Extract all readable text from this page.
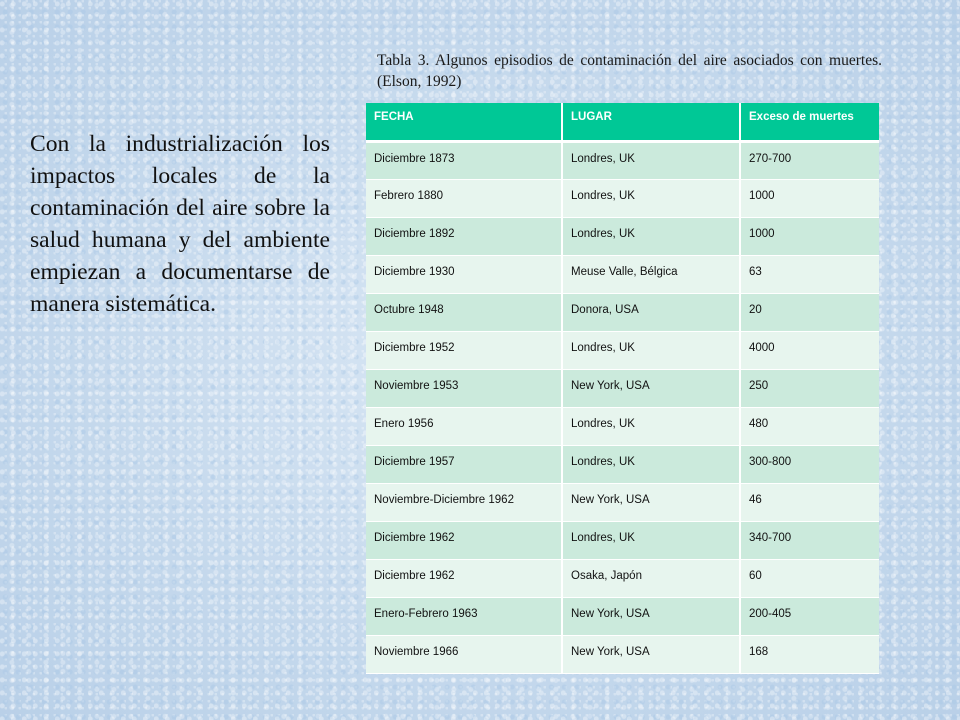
Tabla 3. Algunos episodios de contaminación del aire asociados con muertes. (Elson, 1992)
Con la industrialización los impactos locales de la contaminación del aire sobre la salud humana y del ambiente empiezan a documentarse de manera sistemática.
FECHA	LUGAR	Exceso de muertes
Diciembre 1873	Londres, UK	270-700
Febrero 1880	Londres, UK	1000
Diciembre 1892	Londres, UK	1000
Diciembre 1930	Meuse Valle, Bélgica	63
Octubre 1948	Donora, USA	20
Diciembre 1952	Londres, UK	4000
Noviembre 1953	New York, USA	250
Enero 1956	Londres, UK	480
Diciembre 1957	Londres, UK	300-800
Noviembre-Diciembre 1962	New York, USA	46
Diciembre 1962	Londres, UK	340-700
Diciembre 1962	Osaka, Japón	60
Enero-Febrero 1963	New York, USA	200-405
Noviembre 1966	New York, USA	168
